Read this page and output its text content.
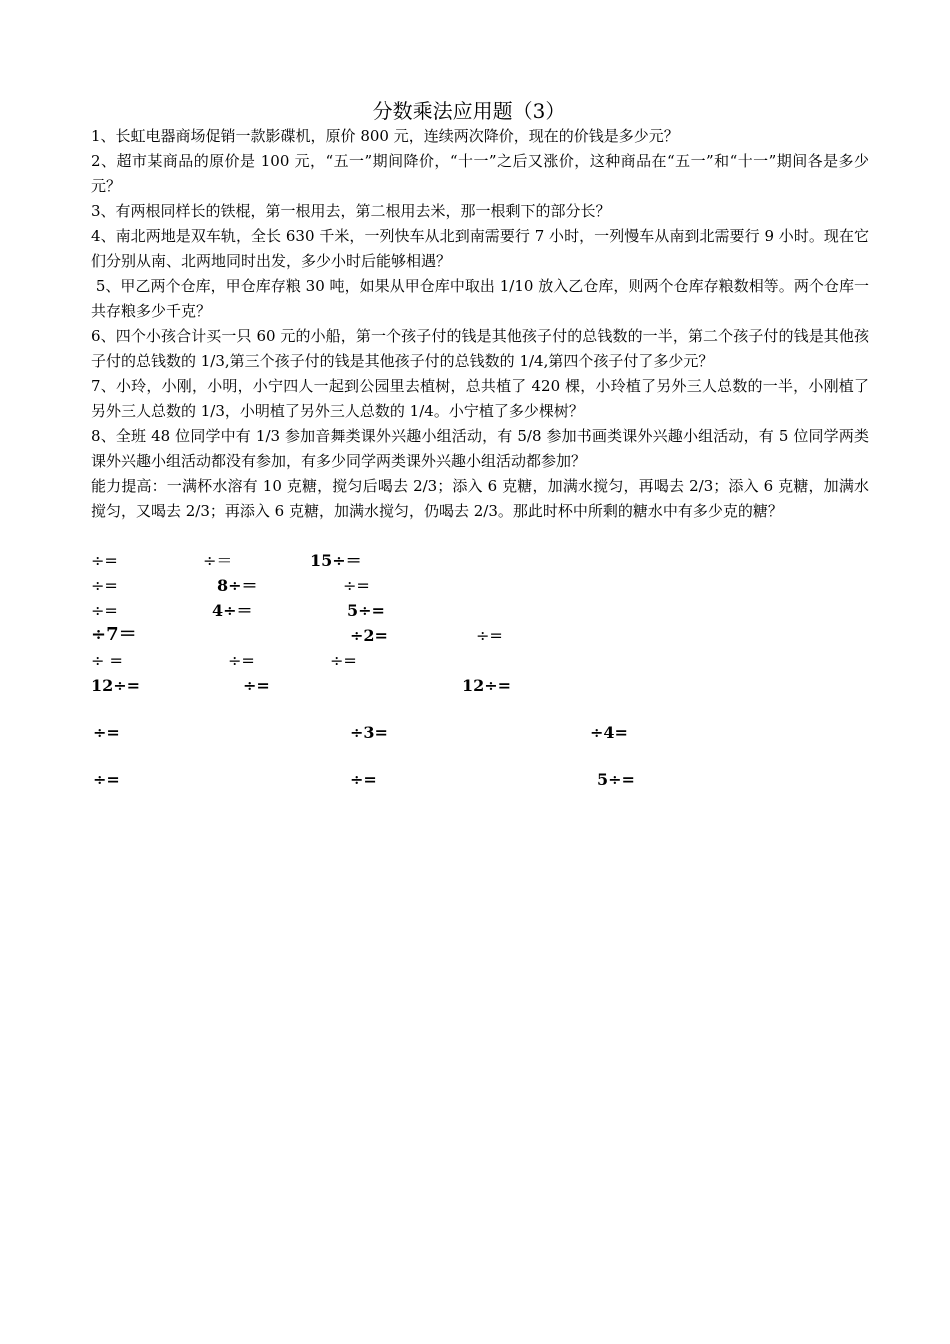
分数乘法应用题（3）

1、长虹电器商场促销一款影碟机，原价 800 元，连续两次降价，现在的价钱是多少元？

2、超市某商品的原价是 100 元，“五一”期间降价，“十一”之后又涨价，这种商品在“五一”和“十一”期间各是多少元？

3、有两根同样长的铁棍，第一根用去，第二根用去米，那一根剩下的部分长？

4、南北两地是双车轨，全长 630 千米，一列快车从北到南需要行 7 小时，一列慢车从南到北需要行 9 小时。现在它们分别从南、北两地同时出发，多少小时后能够相遇？

5、甲乙两个仓库，甲仓库存粮 30 吨，如果从甲仓库中取出 1/10 放入乙仓库，则两个仓库存粮数相等。两个仓库一共存粮多少千克？

6、四个小孩合计买一只 60 元的小船，第一个孩子付的钱是其他孩子付的总钱数的一半，第二个孩子付的钱是其他孩子付的总钱数的 1/3,第三个孩子付的钱是其他孩子付的总钱数的 1/4,第四个孩子付了多少元？

7、小玲，小刚，小明，小宁四人一起到公园里去植树，总共植了 420 棵，小玲植了另外三人总数的一半，小刚植了另外三人总数的 1/3，小明植了另外三人总数的 1/4。小宁植了多少棵树？

8、全班 48 位同学中有 1/3 参加音舞类课外兴趣小组活动，有 5/8 参加书画类课外兴趣小组活动，有 5 位同学两类课外兴趣小组活动都没有参加，有多少同学两类课外兴趣小组活动都参加？

能力提高：一满杯水溶有 10 克糖，搅匀后喝去 2/3；添入 6 克糖，加满水搅匀，再喝去 2/3；添入 6 克糖，加满水搅匀，又喝去 2/3；再添入 6 克糖，加满水搅匀，仍喝去 2/3。那此时杯中所剩的糖水中有多少克的糖？

÷=	÷＝	15÷＝
÷=	8÷＝	÷=
÷=	4÷＝	5÷=
÷7＝	÷2=	÷=
÷ =	÷=	÷=
12÷=	÷=	12÷=
÷=	÷3=	÷4=
÷=	÷=	5÷=
